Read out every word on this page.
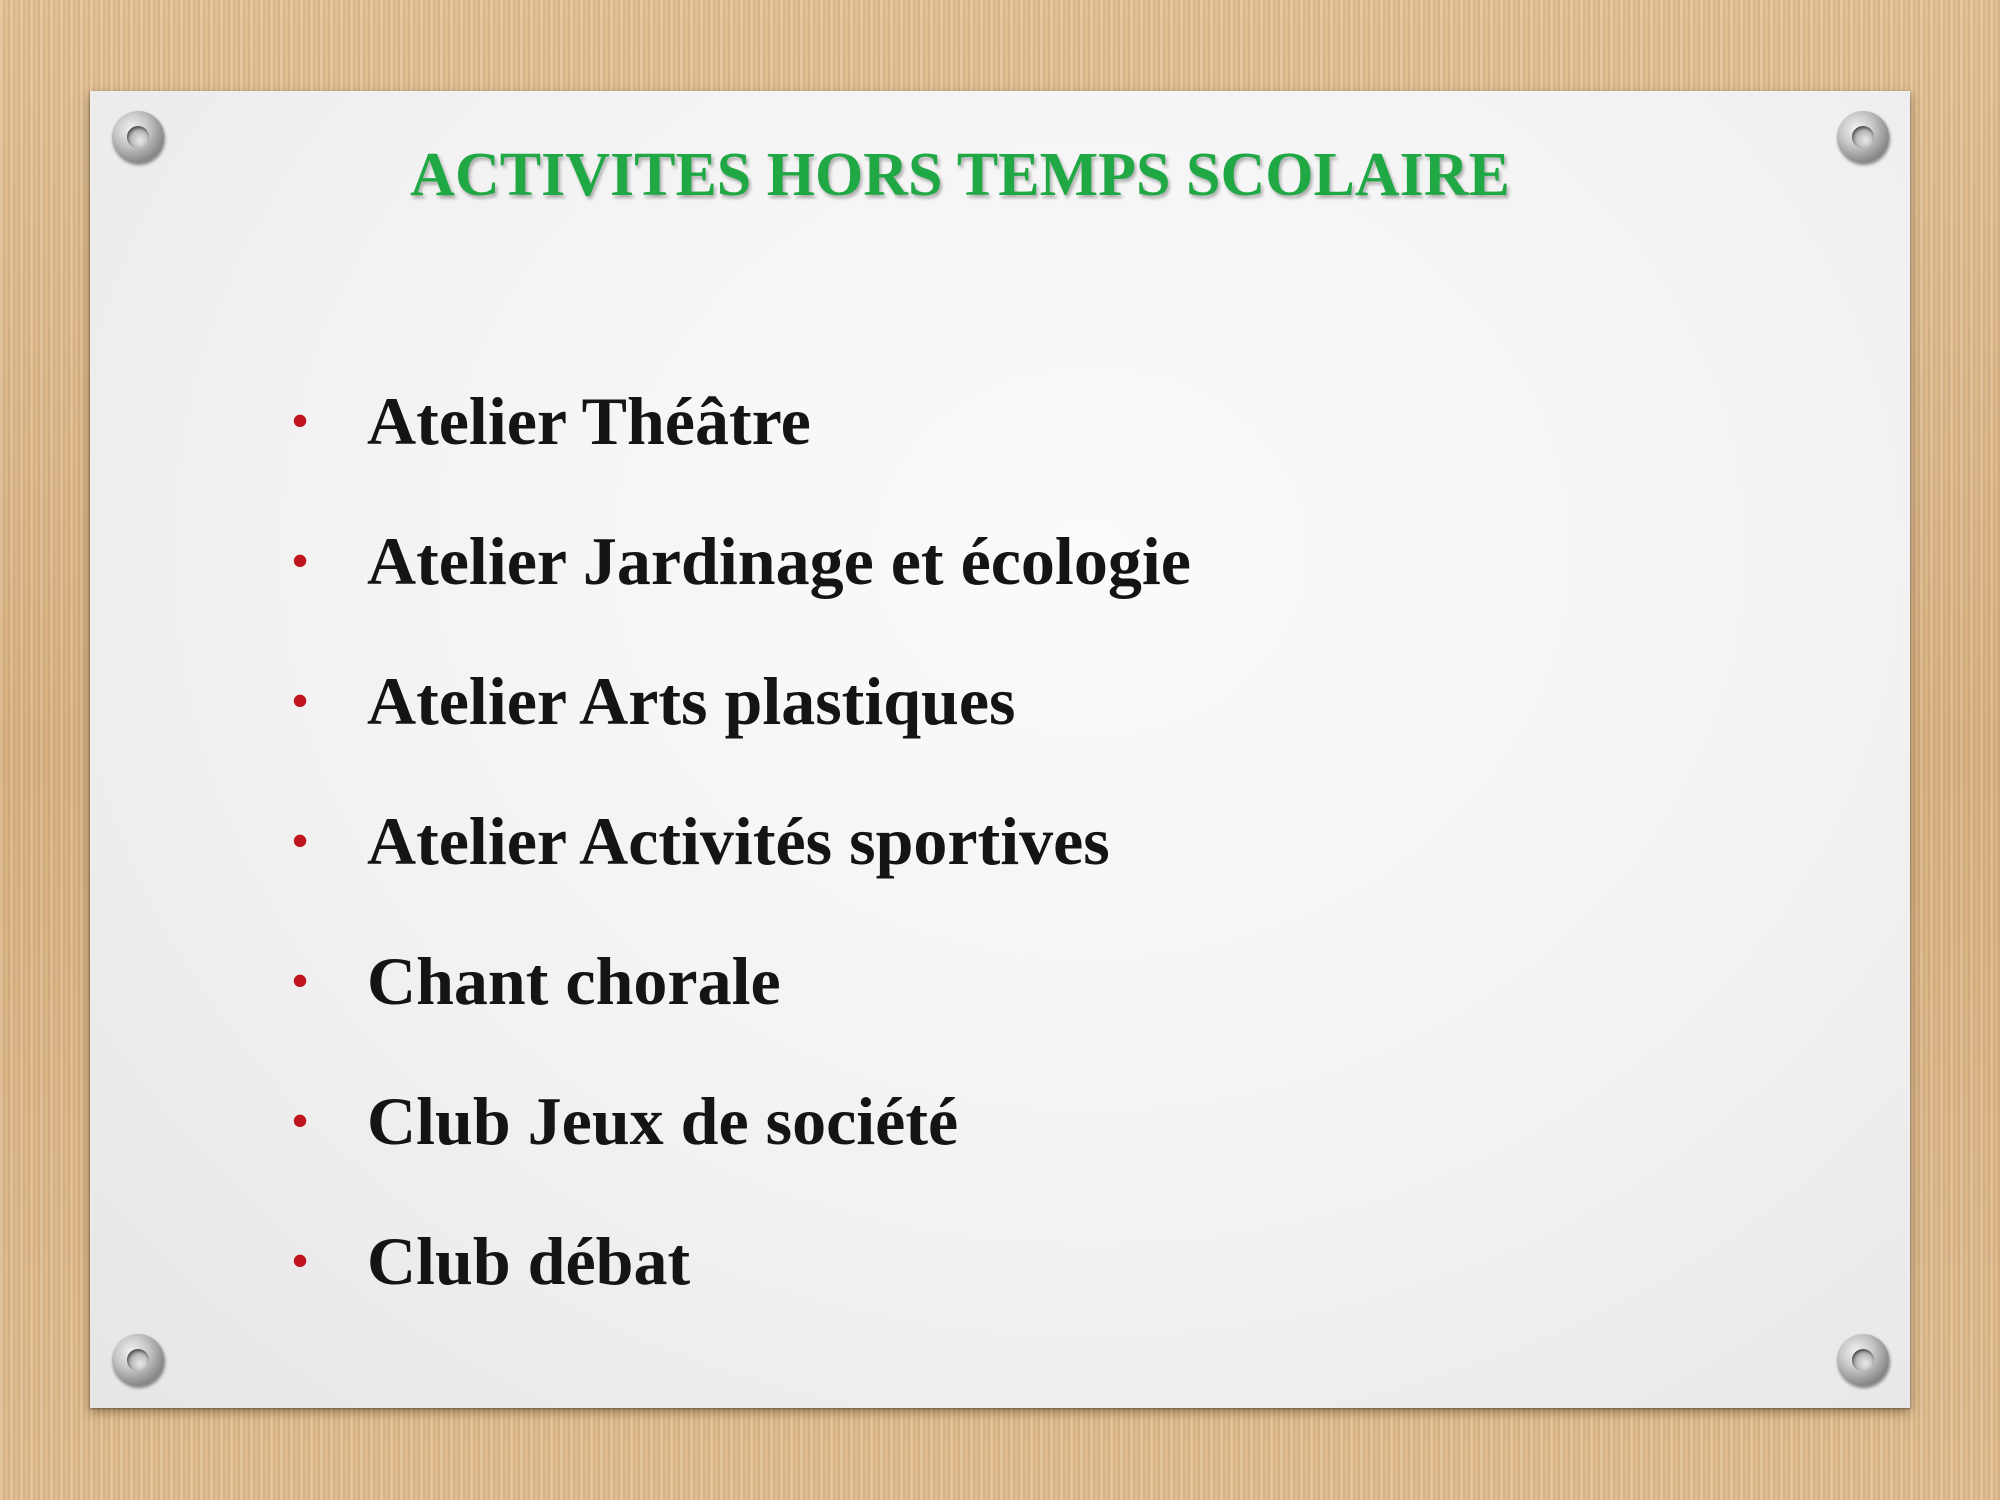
ACTIVITES HORS TEMPS SCOLAIRE
• Atelier Théâtre
• Atelier Jardinage et écologie
• Atelier Arts plastiques
• Atelier Activités sportives
• Chant chorale
• Club Jeux de société
• Club débat
